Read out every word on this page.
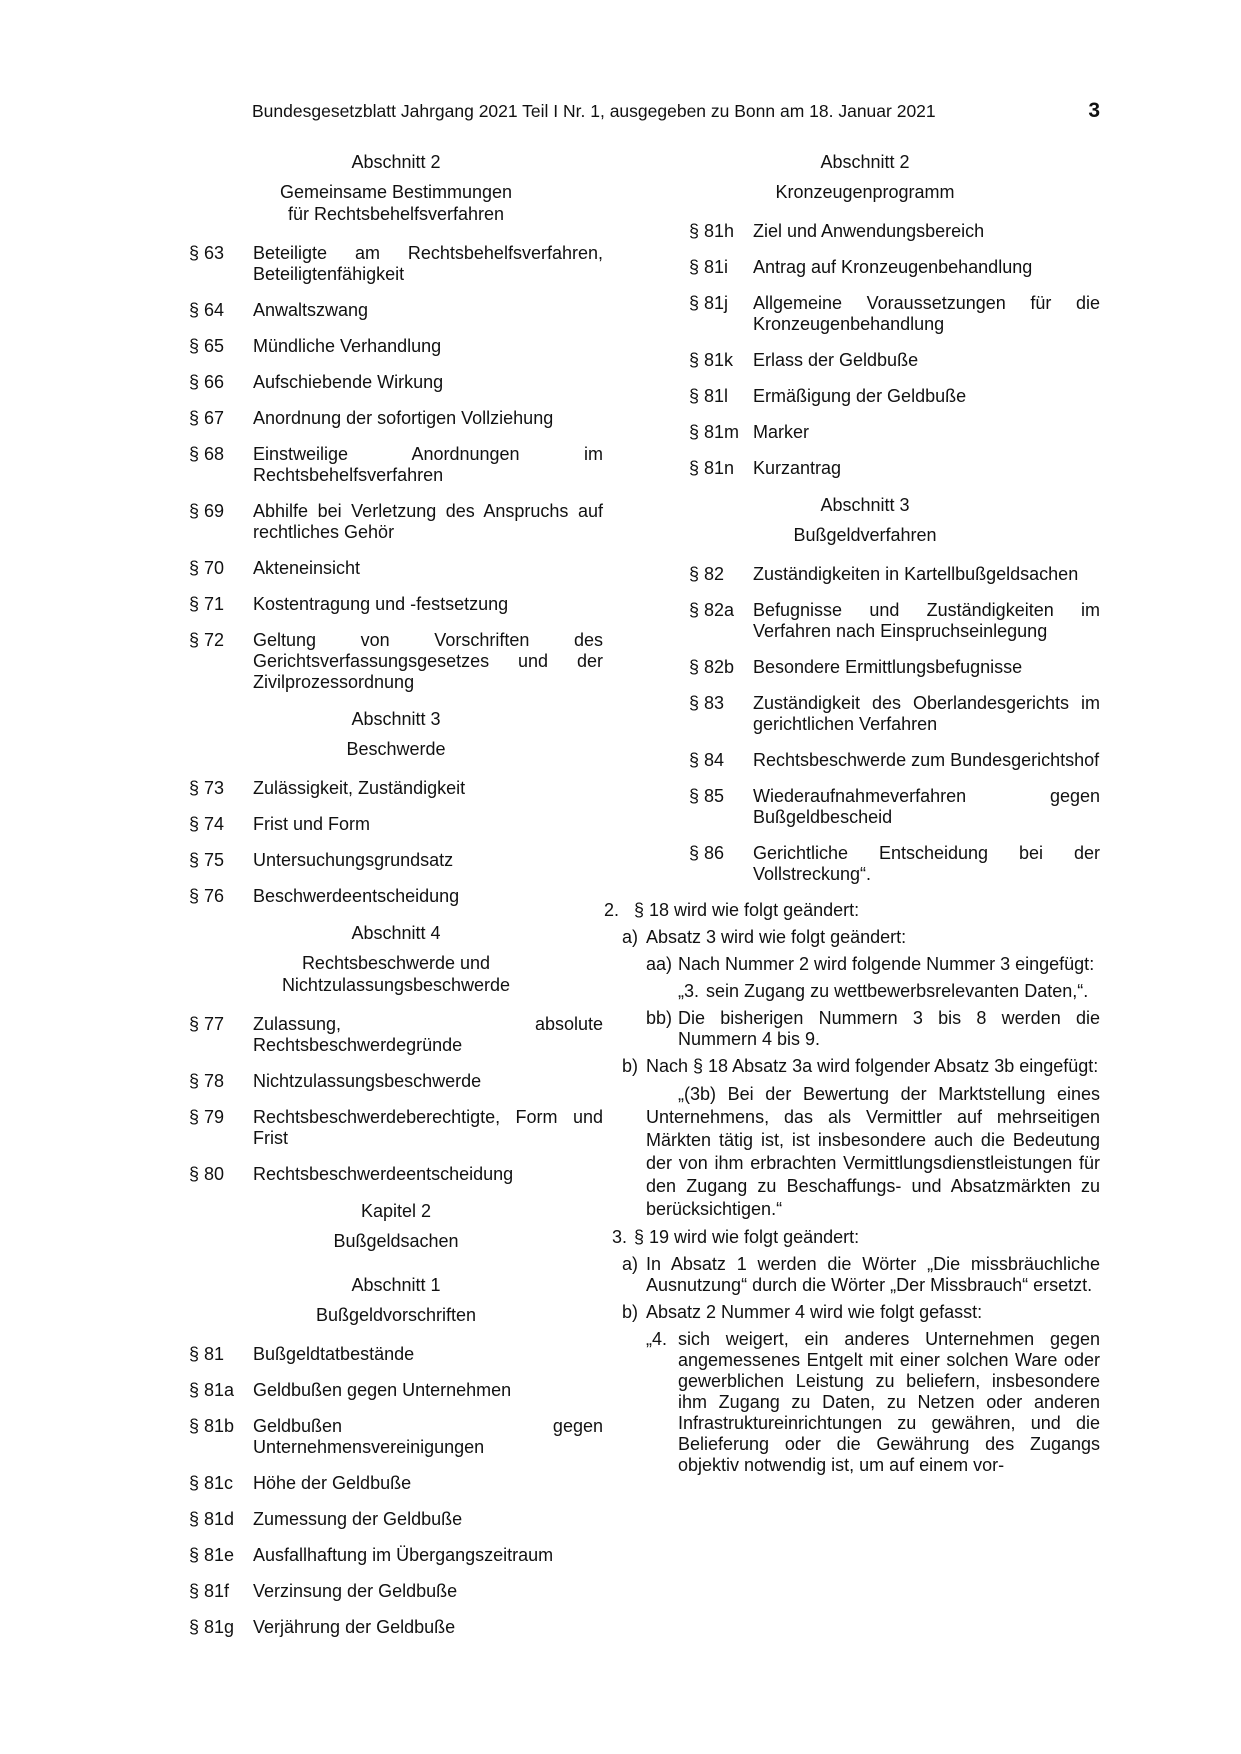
Bundesgesetzblatt Jahrgang 2021 Teil I Nr. 1, ausgegeben zu Bonn am 18. Januar 2021	3
Abschnitt 2
Gemeinsame Bestimmungen
für Rechtsbehelfsverfahren
§ 63	Beteiligte am Rechtsbehelfsverfahren, Beteiligtenfähigkeit
§ 64	Anwaltszwang
§ 65	Mündliche Verhandlung
§ 66	Aufschiebende Wirkung
§ 67	Anordnung der sofortigen Vollziehung
§ 68	Einstweilige Anordnungen im Rechtsbehelfsverfahren
§ 69	Abhilfe bei Verletzung des Anspruchs auf rechtliches Gehör
§ 70	Akteneinsicht
§ 71	Kostentragung und -festsetzung
§ 72	Geltung von Vorschriften des Gerichtsverfassungsgesetzes und der Zivilprozessordnung
Abschnitt 3
Beschwerde
§ 73	Zulässigkeit, Zuständigkeit
§ 74	Frist und Form
§ 75	Untersuchungsgrundsatz
§ 76	Beschwerdeentscheidung
Abschnitt 4
Rechtsbeschwerde und
Nichtzulassungsbeschwerde
§ 77	Zulassung, absolute Rechtsbeschwerdegründe
§ 78	Nichtzulassungsbeschwerde
§ 79	Rechtsbeschwerdeberechtigte, Form und Frist
§ 80	Rechtsbeschwerdeentscheidung
Kapitel 2
Bußgeldsachen
Abschnitt 1
Bußgeldvorschriften
§ 81	Bußgeldtatbestände
§ 81a	Geldbußen gegen Unternehmen
§ 81b	Geldbußen gegen Unternehmensvereinigungen
§ 81c	Höhe der Geldbuße
§ 81d	Zumessung der Geldbuße
§ 81e	Ausfallhaftung im Übergangszeitraum
§ 81f	Verzinsung der Geldbuße
§ 81g	Verjährung der Geldbuße
Abschnitt 2
Kronzeugenprogramm
§ 81h	Ziel und Anwendungsbereich
§ 81i	Antrag auf Kronzeugenbehandlung
§ 81j	Allgemeine Voraussetzungen für die Kronzeugenbehandlung
§ 81k	Erlass der Geldbuße
§ 81l	Ermäßigung der Geldbuße
§ 81m Marker
§ 81n	Kurzantrag
Abschnitt 3
Bußgeldverfahren
§ 82	Zuständigkeiten in Kartellbußgeldsachen
§ 82a	Befugnisse und Zuständigkeiten im Verfahren nach Einspruchseinlegung
§ 82b	Besondere Ermittlungsbefugnisse
§ 83	Zuständigkeit des Oberlandesgerichts im gerichtlichen Verfahren
§ 84	Rechtsbeschwerde zum Bundesgerichtshof
§ 85	Wiederaufnahmeverfahren gegen Bußgeldbescheid
§ 86	Gerichtliche Entscheidung bei der Vollstreckung“.
2. § 18 wird wie folgt geändert:
a) Absatz 3 wird wie folgt geändert:
aa) Nach Nummer 2 wird folgende Nummer 3 eingefügt:
„3. sein Zugang zu wettbewerbsrelevanten Daten,“.
bb) Die bisherigen Nummern 3 bis 8 werden die Nummern 4 bis 9.
b) Nach § 18 Absatz 3a wird folgender Absatz 3b eingefügt:
„(3b) Bei der Bewertung der Marktstellung eines Unternehmens, das als Vermittler auf mehrseitigen Märkten tätig ist, ist insbesondere auch die Bedeutung der von ihm erbrachten Vermittlungsdienstleistungen für den Zugang zu Beschaffungs- und Absatzmärkten zu berücksichtigen.“
3. § 19 wird wie folgt geändert:
a) In Absatz 1 werden die Wörter „Die missbräuchliche Ausnutzung“ durch die Wörter „Der Missbrauch“ ersetzt.
b) Absatz 2 Nummer 4 wird wie folgt gefasst:
„4. sich weigert, ein anderes Unternehmen gegen angemessenes Entgelt mit einer solchen Ware oder gewerblichen Leistung zu beliefern, insbesondere ihm Zugang zu Daten, zu Netzen oder anderen Infrastruktureinrichtungen zu gewähren, und die Belieferung oder die Gewährung des Zugangs objektiv notwendig ist, um auf einem vor-
